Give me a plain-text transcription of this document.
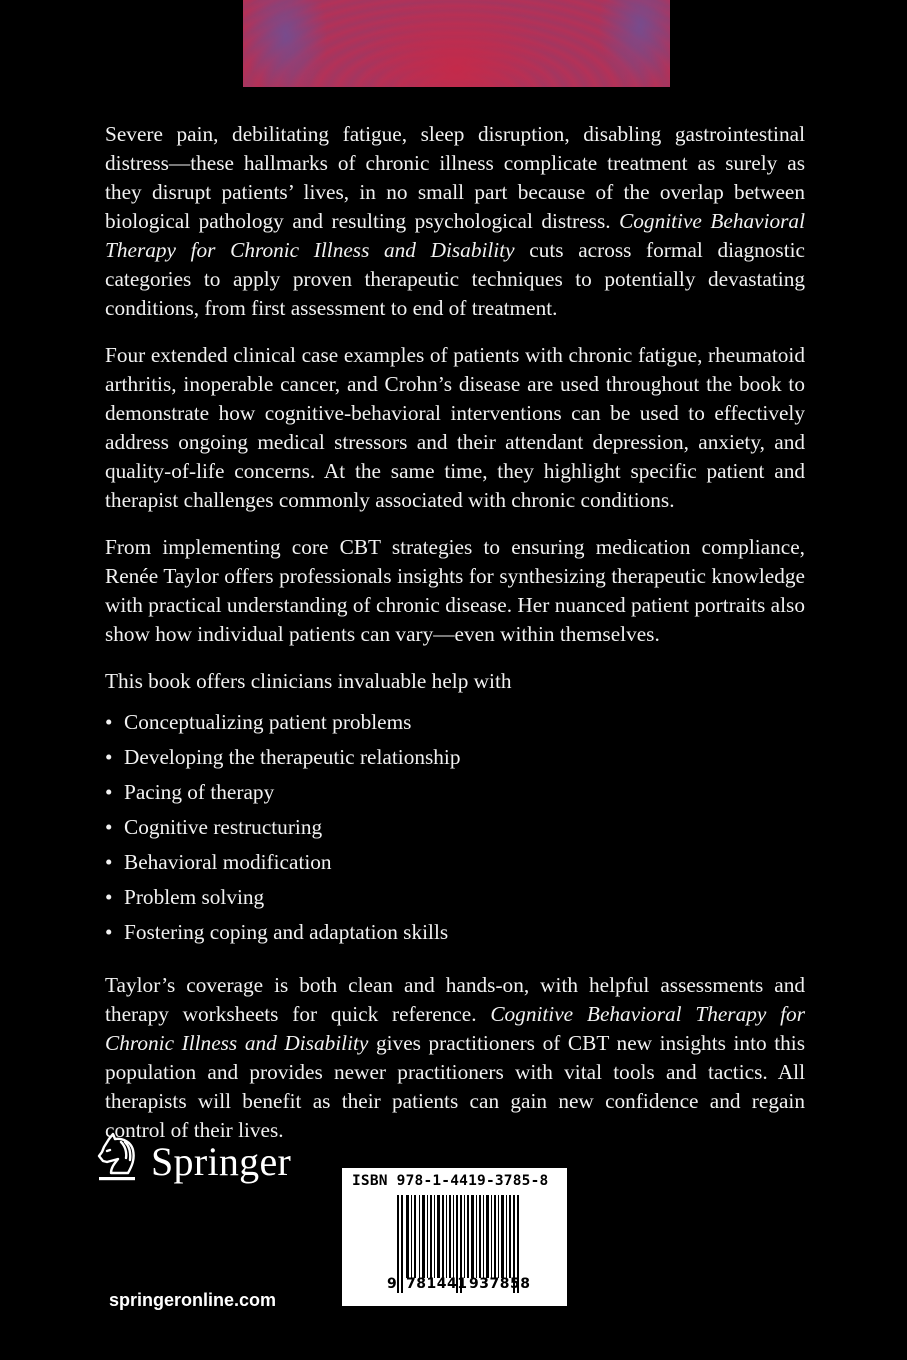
Severe pain, debilitating fatigue, sleep disruption, disabling gastrointestinal distress—these hallmarks of chronic illness complicate treatment as surely as they disrupt patients’ lives, in no small part because of the overlap between biological pathology and resulting psychological distress. Cognitive Behavioral Therapy for Chronic Illness and Disability cuts across formal diagnostic categories to apply proven therapeutic techniques to potentially devastating conditions, from first assessment to end of treatment.

Four extended clinical case examples of patients with chronic fatigue, rheumatoid arthritis, inoperable cancer, and Crohn’s disease are used throughout the book to demonstrate how cognitive-behavioral interventions can be used to effectively address ongoing medical stressors and their attendant depression, anxiety, and quality-of-life concerns. At the same time, they highlight specific patient and therapist challenges commonly associated with chronic conditions.

From implementing core CBT strategies to ensuring medication compliance, Renée Taylor offers professionals insights for synthesizing therapeutic knowledge with practical understanding of chronic disease. Her nuanced patient portraits also show how individual patients can vary—even within themselves.

This book offers clinicians invaluable help with

• Conceptualizing patient problems
• Developing the therapeutic relationship
• Pacing of therapy
• Cognitive restructuring
• Behavioral modification
• Problem solving
• Fostering coping and adaptation skills

Taylor’s coverage is both clean and hands-on, with helpful assessments and therapy worksheets for quick reference. Cognitive Behavioral Therapy for Chronic Illness and Disability gives practitioners of CBT new insights into this population and provides newer practitioners with vital tools and tactics. All therapists will benefit as their patients can gain new confidence and regain control of their lives.

Springer
springeronline.com
ISBN 978-1-4419-3785-8
9 781441 937858
